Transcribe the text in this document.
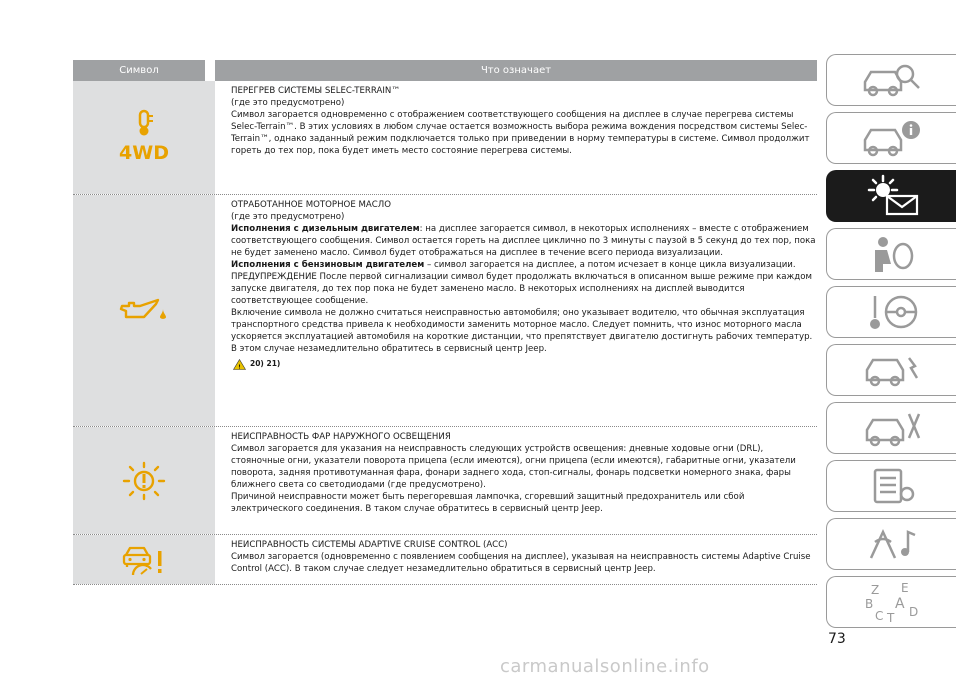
Символ	Что означает
4WD

ПЕРЕГРЕВ СИСТЕМЫ SELEC-TERRAIN™

(где это предусмотрено)

Символ загорается одновременно с отображением соответствующего сообщения на дисплее в случае перегрева системы Selec-Terrain™. В этих условиях в любом случае остается возможность выбора режима вождения посредством системы Selec-Terrain™, однако заданный режим подключается только при приведении в норму температуры в системе. Символ продолжит гореть до тех пор, пока будет иметь место состояние перегрева системы.

ОТРАБОТАННОЕ МОТОРНОЕ МАСЛО

(где это предусмотрено)

Исполнения с дизельным двигателем: на дисплее загорается символ, в некоторых исполнениях – вместе с отображением соответствующего сообщения. Символ остается гореть на дисплее циклично по 3 минуты с паузой в 5 секунд до тех пор, пока не будет заменено масло. Символ будет отображаться на дисплее в течение всего периода визуализации.

Исполнения с бензиновым двигателем – символ загорается на дисплее, а потом исчезает в конце цикла визуализации.

ПРЕДУПРЕЖДЕНИЕ После первой сигнализации символ будет продолжать включаться в описанном выше режиме при каждом запуске двигателя, до тех пор пока не будет заменено масло. В некоторых исполнениях на дисплей выводится соответствующее сообщение.

Включение символа не должно считаться неисправностью автомобиля; оно указывает водителю, что обычная эксплуатация транспортного средства привела к необходимости заменить моторное масло. Следует помнить, что износ моторного масла ускоряется эксплуатацией автомобиля на короткие дистанции, что препятствует двигателю достигнуть рабочих температур. В этом случае незамедлительно обратитесь в сервисный центр Jeep.

! 20) 21)

НЕИСПРАВНОСТЬ ФАР НАРУЖНОГО ОСВЕЩЕНИЯ

Символ загорается для указания на неисправность следующих устройств освещения: дневные ходовые огни (DRL), стояночные огни, указатели поворота прицепа (если имеются), огни прицепа (если имеются), габаритные огни, указатели поворота, задняя противотуманная фара, фонари заднего хода, стоп-сигналы, фонарь подсветки номерного знака, фары ближнего света со светодиодами (где предусмотрено).

Причиной неисправности может быть перегоревшая лампочка, сгоревший защитный предохранитель или сбой электрического соединения. В таком случае обратитесь в сервисный центр Jeep.

НЕИСПРАВНОСТЬ СИСТЕМЫ ADAPTIVE CRUISE CONTROL (ACC)

Символ загорается (одновременно с появлением сообщения на дисплее), указывая на неисправность системы Adaptive Cruise Control (ACC). В таком случае следует незамедлительно обратиться в сервисный центр Jeep.

Z E
B A
C T D
73
carmanualsonline.info
